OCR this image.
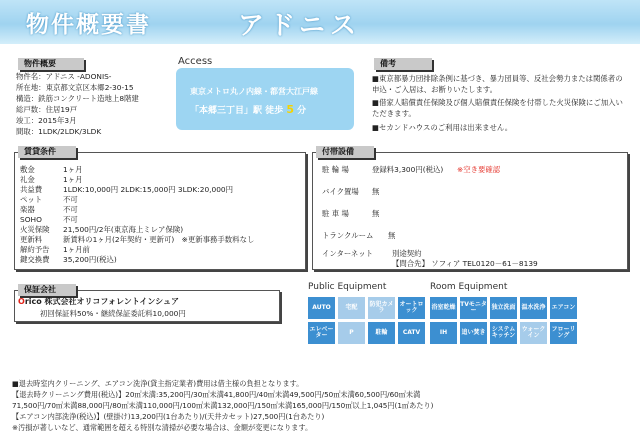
物件概要書	アドニス
物件概要
物件名：アドニス -ADONIS-
所在地：東京都文京区本郷2-30-15
構造：鉄筋コンクリート造地上8階建
総戸数：住居19戸
竣工：2015年3月
間取：1LDK/2LDK/3LDK
Access
東京メトロ丸ノ内線・都営大江戸線
「本郷三丁目」駅 徒歩 5 分
備考
■東京都暴力団排除条例に基づき、暴力団員等、反社会勢力または関係者の申込・ご入居は、お断りいたします。
■借家人賠償責任保険及び個人賠償責任保険を付帯した火災保険にご加入いただきます。
■セカンドハウスのご利用は出来ません。
賃貸条件
敷金	1ヶ月
礼金	1ヶ月
共益費	1LDK:10,000円 2LDK:15,000円 3LDK:20,000円
ペット	不可
楽器	不可
SOHO	不可
火災保険 21,500円/2年(東京海上ミレア保険)
更新料	新賃料の1ヶ月(2年契約・更新可)　※更新事務手数料なし
解約予告 1ヶ月前
鍵交換費 35,200円(税込)
付帯設備
駐 輪 場	登録料3,300円(税込) ※空き要確認
バイク置場 無
駐 車 場	無
トランクルーム 無
インターネット	別途契約
【問合先】 ソフィア TEL0120－61－8139
保証会社
Orico 株式会社オリコフォレントインシュア
初回保証料50%・継続保証委託料10,000円
Public Equipment
AUTO	宅配	防犯カメラ
オートロック
エレベーター	P	駐輪	CATV
Room Equipment
浴室乾燥 TVモニター	独立洗面 温水洗浄 エアコン
IH	追い焚き システムキッチン
ウォークイン
フローリング
■退去時室内クリーニング、エアコン洗浄(貸主指定業者)費用は借主様の負担となります。
【退去時クリーニング費用(税込)】20㎡未満:35,200円/30㎡未満41,800円/40㎡未満49,500円/50㎡未満60,500円/60㎡未満
71,500円/70㎡未満88,000円/80㎡未満110,000円/100㎡未満132,000円/150㎡未満165,000円/150㎡以上1,045円(1㎡あたり)
【エアコン内部洗浄(税込)】(壁掛け)13,200円(1台あたり)/(天井カセット)27,500円(1台あたり)
※汚損が著しいなど、通常範囲を超える特別な清掃が必要な場合は、金額が変更になります。
